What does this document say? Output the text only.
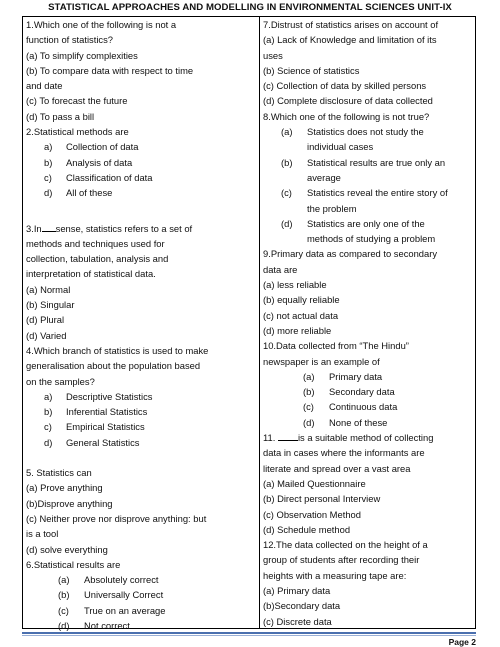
STATISTICAL APPROACHES AND MODELLING IN ENVIRONMENTAL SCIENCES UNIT-IX
1.Which one of the following is not a
function of statistics?
(a) To simplify complexities
(b) To compare data with respect to time
and date
(c) To forecast the future
(d) To pass a bill
2.Statistical methods are
a)	Collection of data
b)	Analysis of data
c)	Classification of data
d)	All of these
3.In sense, statistics refers to a set of
methods and techniques used for
collection, tabulation, analysis and
interpretation of statistical data.
(a) Normal
(b) Singular
(d) Plural
(d) Varied
4.Which branch of statistics is used to make
generalisation about the population based
on the samples?
a)	Descriptive Statistics
b)	Inferential Statistics
c)	Empirical Statistics
d)	General Statistics
5. Statistics can
(a) Prove anything
(b)Disprove anything
(c) Neither prove nor disprove anything: but
is a tool
(d) solve everything
6.Statistical results are
(a)	Absolutely correct
(b)	Universally Correct
(c)	True on an average
(d)	Not correct
7.Distrust of statistics arises on account of
(a) Lack of Knowledge and limitation of its
uses
(b) Science of statistics
(c) Collection of data by skilled persons
(d) Complete disclosure of data collected
8.Which one of the following is not true?
(a)	Statistics does not study the
individual cases
(b)	Statistical results are true only an
average
(c)	Statistics reveal the entire story of
the problem
(d)	Statistics are only one of the
methods of studying a problem
9.Primary data as compared to secondary
data are
(a) less reliable
(b) equally reliable
(c) not actual data
(d) more reliable
10.Data collected from “The Hindu”
newspaper is an example of
(a)	Primary data
(b)	Secondary data
(c)	Continuous data
(d)	None of these
11. is a suitable method of collecting
data in cases where the informants are
literate and spread over a vast area
(a) Mailed Questionnaire
(b) Direct personal Interview
(c) Observation Method
(d) Schedule method
12.The data collected on the height of a
group of students after recording their
heights with a measuring tape are:
(a) Primary data
(b)Secondary data
(c) Discrete data
Page 2
